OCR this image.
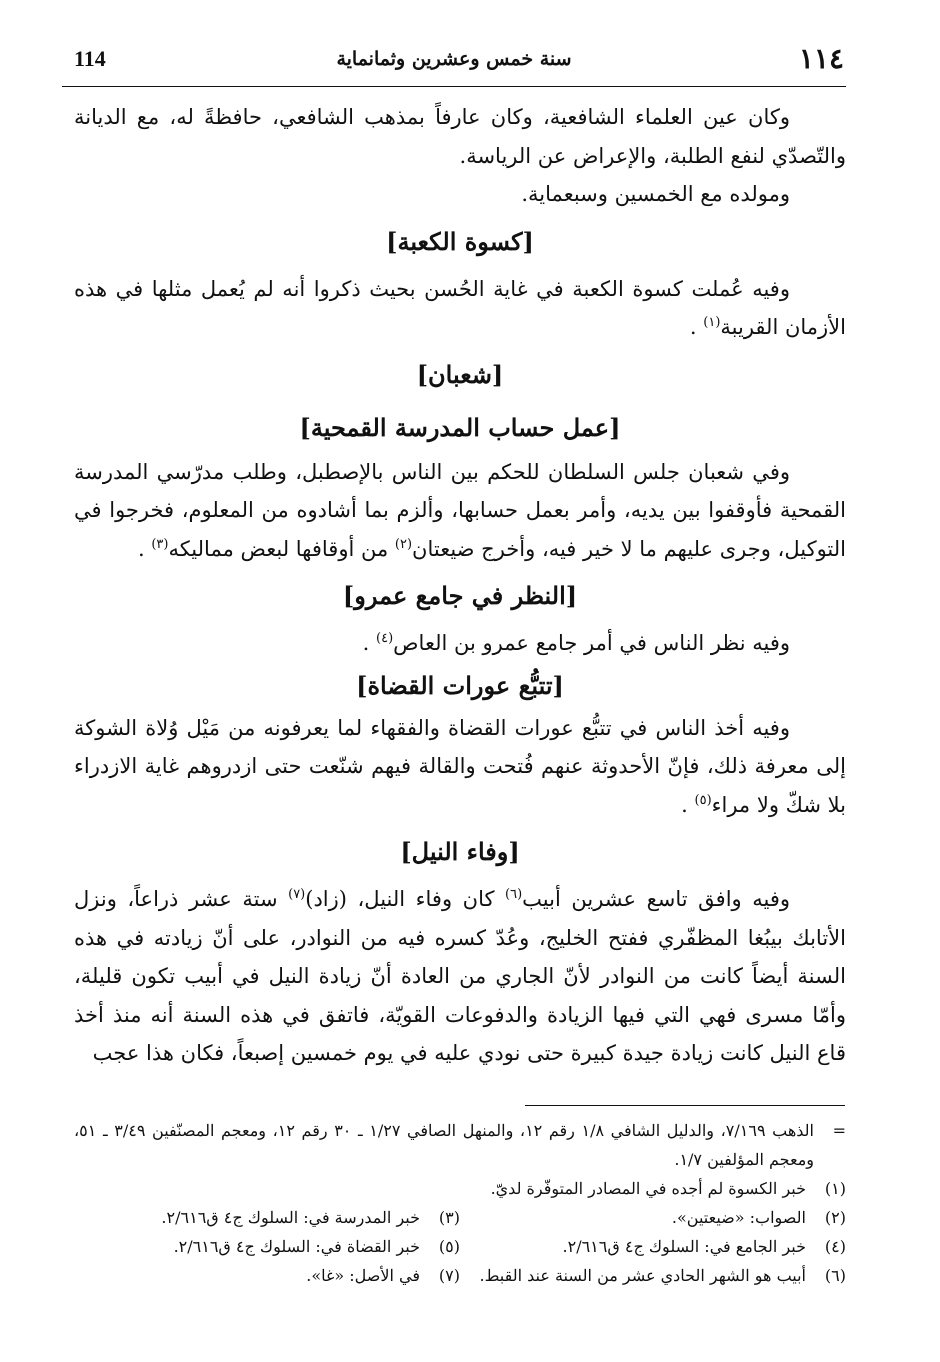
١١٤
سنة خمس وعشرين وثمانماية
114

وكان عين العلماء الشافعية، وكان عارفاً بمذهب الشافعي، حافظةً له، مع الديانة والتّصدّي لنفع الطلبة، والإعراض عن الرياسة.

ومولده مع الخمسين وسبعماية.

[كسوة الكعبة]

وفيه عُملت كسوة الكعبة في غاية الحُسن بحيث ذكروا أنه لم يُعمل مثلها في هذه الأزمان القريبة$^{(١)}$ .

[شعبان]
[عمل حساب المدرسة القمحية]

وفي شعبان جلس السلطان للحكم بين الناس بالإصطبل، وطلب مدرّسي المدرسة القمحية فأوقفوا بين يديه، وأمر بعمل حسابها، وألزم بما أشادوه من المعلوم، فخرجوا في التوكيل، وجرى عليهم ما لا خير فيه، وأخرج ضيعتان$^{(٢)}$ من أوقافها لبعض مماليكه$^{(٣)}$ .

[النظر في جامع عمرو]

وفيه نظر الناس في أمر جامع عمرو بن العاص$^{(٤)}$ .

[تتبُّع عورات القضاة]

وفيه أخذ الناس في تتبُّع عورات القضاة والفقهاء لما يعرفونه من مَيْل وُلاة الشوكة إلى معرفة ذلك، فإنّ الأحدوثة عنهم فُتحت والقالة فيهم شنّعت حتى ازدروهم غاية الازدراء بلا شكّ ولا مراء$^{(٥)}$ .

[وفاء النيل]

وفيه وافق تاسع عشرين أبيب$^{(٦)}$ كان وفاء النيل، (زاد)$^{(٧)}$ ستة عشر ذراعاً، ونزل الأتابك بيبُغا المظفّري ففتح الخليج، وعُدّ كسره فيه من النوادر، على أنّ زيادته في هذه السنة أيضاً كانت من النوادر لأنّ الجاري من العادة أنّ زيادة النيل في أبيب تكون قليلة، وأمّا مسرى فهي التي فيها الزيادة والدفوعات القويّة، فاتفق في هذه السنة أنه منذ أخذ قاع النيل كانت زيادة جيدة كبيرة حتى نودي عليه في يوم خمسين إصبعاً، فكان هذا عجب

=
الذهب ٧/١٦٩، والدليل الشافي ١/٨ رقم ١٢، والمنهل الصافي ١/٢٧ ـ ٣٠ رقم ١٢، ومعجم المصنّفين ٣/٤٩ ـ ٥١، ومعجم المؤلفين ١/٧.
(١)
خبر الكسوة لم أجده في المصادر المتوفّرة لديّ.
(٢)
الصواب: «ضيعتين».
(٣)
خبر المدرسة في: السلوك ج٤ ق٢/٦١٦.
(٤)
خبر الجامع في: السلوك ج٤ ق٢/٦١٦.
(٥)
خبر القضاة في: السلوك ج٤ ق٢/٦١٦.
(٦)
أبيب هو الشهر الحادي عشر من السنة عند القبط.
(٧)
في الأصل: «غا».
